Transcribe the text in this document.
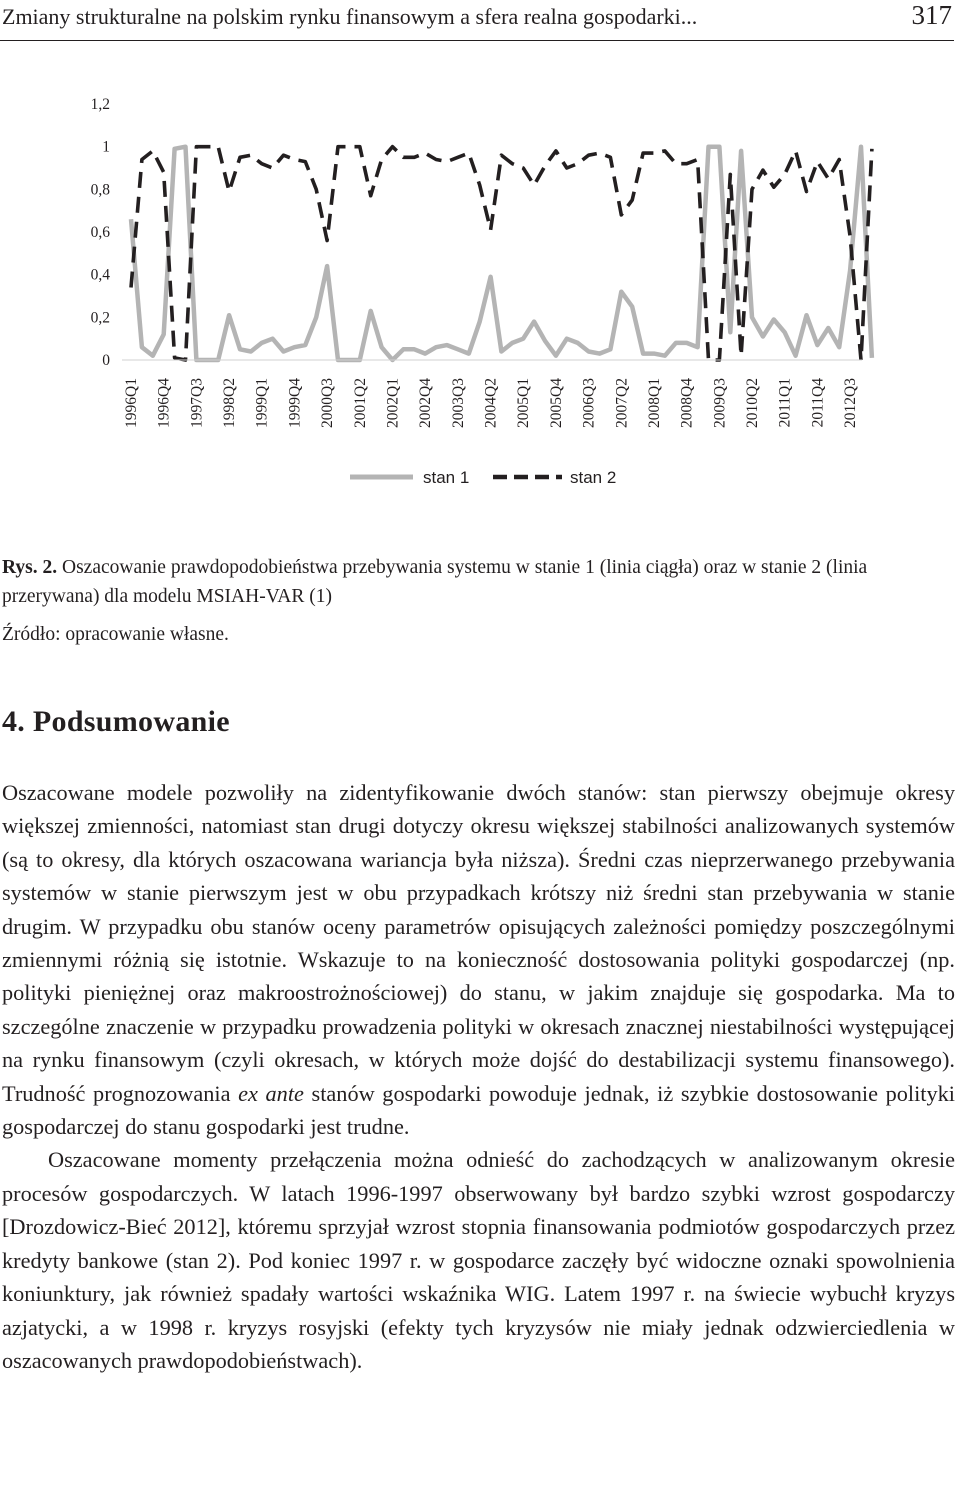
Zmiany strukturalne na polskim rynku finansowym a sfera realna gospodarki...	317
1,2
1
0,8
0,6
0,4
0,2
0
1996Q1 1996Q4 1997Q3 1998Q2 1999Q1 1999Q4 2000Q3 2001Q2 2002Q1 2002Q4 2003Q3 2004Q2 2005Q1 2005Q4 2006Q3 2007Q2 2008Q1 2008Q4 2009Q3 2010Q2 2011Q1 2011Q4 2012Q3
stan 1	stan 2
Rys. 2. Oszacowanie prawdopodobieństwa przebywania systemu w stanie 1 (linia ciągła) oraz w stanie 2 (linia przerywana) dla modelu MSIAH-VAR (1)
Źródło: opracowanie własne.
4. Podsumowanie

Oszacowane modele pozwoliły na zidentyfikowanie dwóch stanów: stan pierwszy obejmuje okresy większej zmienności, natomiast stan drugi dotyczy okresu większej stabilności analizowanych systemów (są to okresy, dla których oszacowana wariancja była niższa). Średni czas nieprzerwanego przebywania systemów w stanie pierwszym jest w obu przypadkach krótszy niż średni stan przebywania w stanie drugim. W przypadku obu stanów oceny parametrów opisujących zależności pomiędzy poszczególnymi zmiennymi różnią się istotnie. Wskazuje to na konieczność dostosowania polityki gospodarczej (np. polityki pieniężnej oraz makroostrożnościowej) do stanu, w jakim znajduje się gospodarka. Ma to szczególne znaczenie w przypadku prowadzenia polityki w okresach znacznej niestabilności występującej na rynku finansowym (czyli okresach, w których może dojść do destabilizacji systemu finansowego). Trudność prognozowania ex ante stanów gospodarki powoduje jednak, iż szybkie dostosowanie polityki gospodarczej do stanu gospodarki jest trudne.

Oszacowane momenty przełączenia można odnieść do zachodzących w analizowanym okresie procesów gospodarczych. W latach 1996-1997 obserwowany był bardzo szybki wzrost gospodarczy [Drozdowicz-Bieć 2012], któremu sprzyjał wzrost stopnia finansowania podmiotów gospodarczych przez kredyty bankowe (stan 2). Pod koniec 1997 r. w gospodarce zaczęły być widoczne oznaki spowolnienia koniunktury, jak również spadały wartości wskaźnika WIG. Latem 1997 r. na świecie wybuchł kryzys azjatycki, a w 1998 r. kryzys rosyjski (efekty tych kryzysów nie miały jednak odzwierciedlenia w oszacowanych prawdopodobieństwach).
